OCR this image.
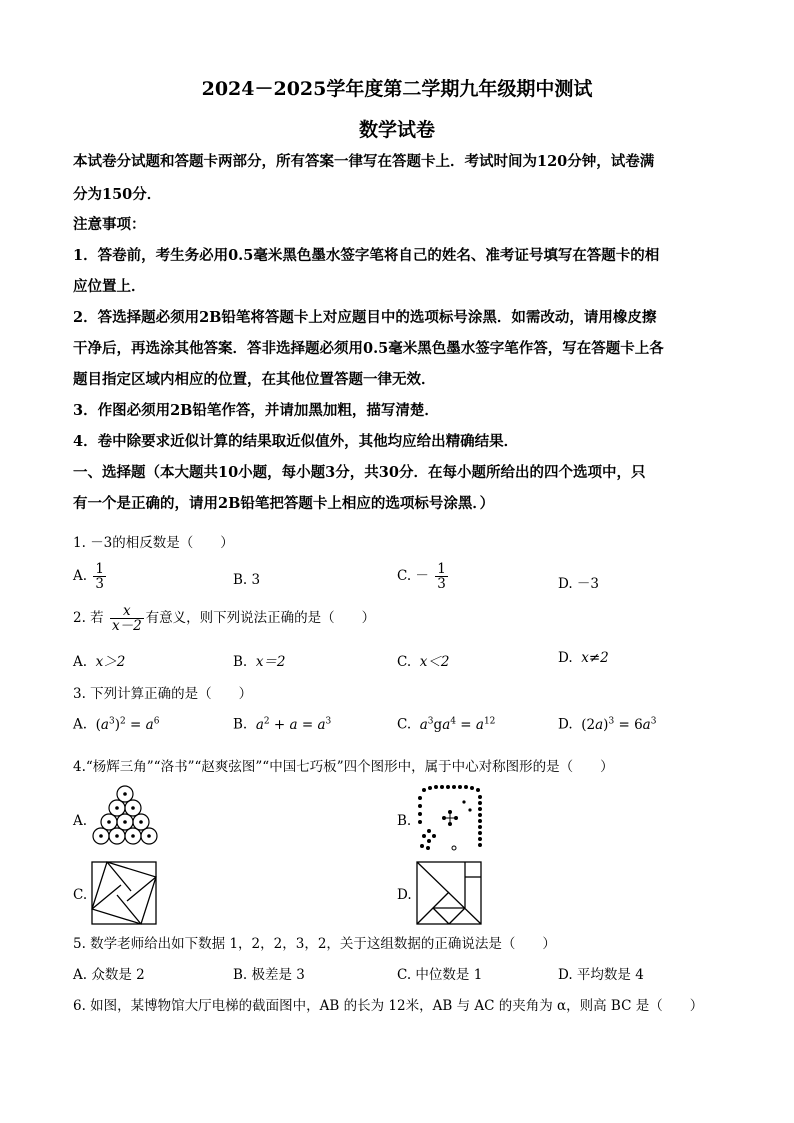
2024－2025学年度第二学期九年级期中测试
数学试卷
本试卷分试题和答题卡两部分，所有答案一律写在答题卡上．考试时间为120分钟，试卷满
分为150分．
注意事项：
1．答卷前，考生务必用0.5毫米黑色墨水签字笔将自己的姓名、准考证号填写在答题卡的相
应位置上．
2．答选择题必须用2B铅笔将答题卡上对应题目中的选项标号涂黑．如需改动，请用橡皮擦
干净后，再选涂其他答案．答非选择题必须用0.5毫米黑色墨水签字笔作答，写在答题卡上各
题目指定区域内相应的位置，在其他位置答题一律无效．
3．作图必须用2B铅笔作答，并请加黑加粗，描写清楚．
4．卷中除要求近似计算的结果取近似值外，其他均应给出精确结果．
一、选择题（本大题共10小题，每小题3分，共30分．在每小题所给出的四个选项中，只
有一个是正确的，请用2B铅笔把答题卡上相应的选项标号涂黑．）
1. －3的相反数是（　　）
A. $\frac{1}{3}$	B. 3	C. － $\frac{1}{3}$	D. －3
2. 若 $\frac{x}{x-2}$ 有意义，则下列说法正确的是（　　）
A. x＞2	B. x＝2	C. x＜2	D. x≠2
3. 下列计算正确的是（　　）
A. $(a^3)^2 = a^6$	B. $a^2 + a = a^3$	C. $a^3ga^4 = a^{12}$	D. $(2a)^3 = 6a^3$
4.“杨辉三角”“洛书”“赵爽弦图”“中国七巧板”四个图形中，属于中心对称图形的是（　　）
A.	B.
C.	D.
5. 数学老师给出如下数据 1，2，2，3，2，关于这组数据的正确说法是（　　）
A. 众数是 2	B. 极差是 3	C. 中位数是 1	D. 平均数是 4
6. 如图，某博物馆大厅电梯的截面图中，AB 的长为 12米，AB 与 AC 的夹角为 α，则高 BC 是（　　）
